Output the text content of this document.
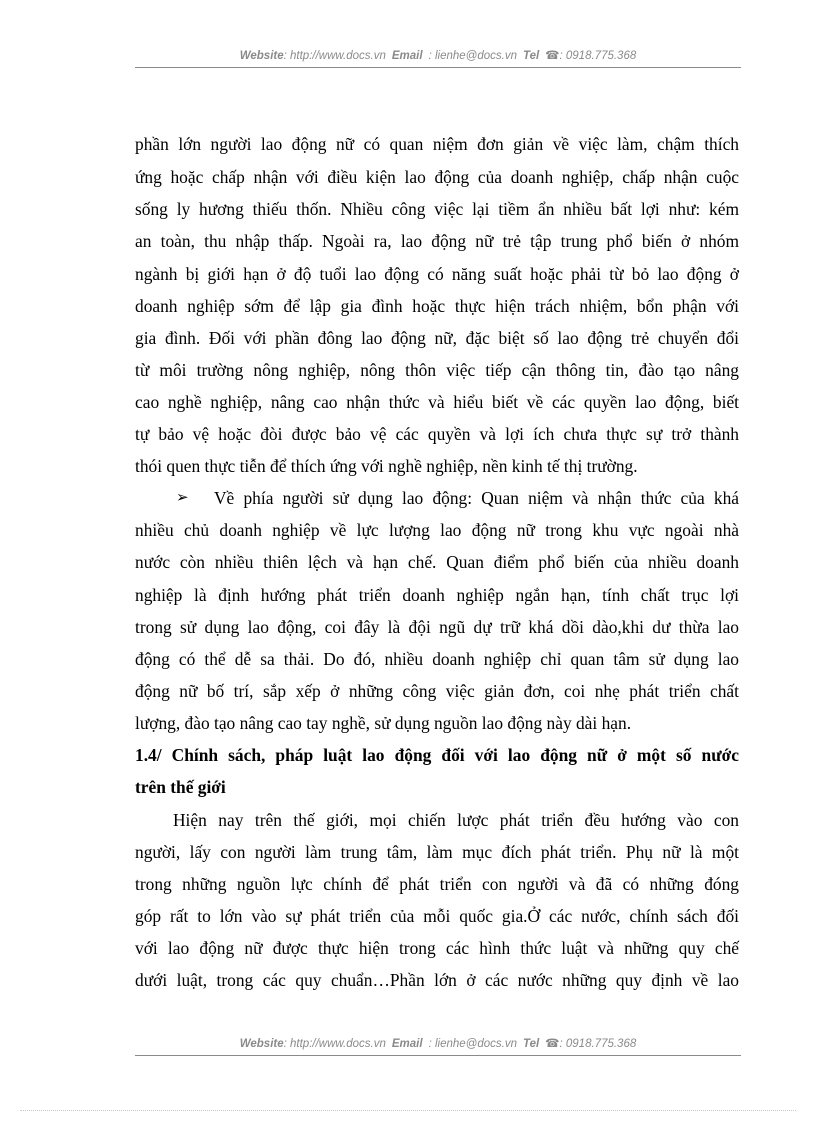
Website: http://www.docs.vn Email : lienhe@docs.vn Tel ☎: 0918.775.368
phần lớn người lao động nữ có quan niệm đơn giản về việc làm, chậm thích
ứng hoặc chấp nhận với điều kiện lao động của doanh nghiệp, chấp nhận cuộc
sống ly hương thiếu thốn. Nhiều công việc lại tiềm ẩn nhiều bất lợi như: kém
an toàn, thu nhập thấp. Ngoài ra, lao động nữ trẻ tập trung phổ biến ở nhóm
ngành bị giới hạn ở độ tuổi lao động có năng suất hoặc phải từ bỏ lao động ở
doanh nghiệp sớm để lập gia đình hoặc thực hiện trách nhiệm, bổn phận với
gia đình. Đối với phần đông lao động nữ, đặc biệt số lao động trẻ chuyển đổi
từ môi trường nông nghiệp, nông thôn việc tiếp cận thông tin, đào tạo nâng
cao nghề nghiệp, nâng cao nhận thức và hiểu biết về các quyền lao động, biết
tự bảo vệ hoặc đòi được bảo vệ các quyền và lợi ích chưa thực sự trở thành
thói quen thực tiễn để thích ứng với nghề nghiệp, nền kinh tế thị trường.
➢ Về phía người sử dụng lao động: Quan niệm và nhận thức của khá
nhiều chủ doanh nghiệp về lực lượng lao động nữ trong khu vực ngoài nhà
nước còn nhiều thiên lệch và hạn chế. Quan điểm phổ biến của nhiều doanh
nghiệp là định hướng phát triển doanh nghiệp ngắn hạn, tính chất trục lợi
trong sử dụng lao động, coi đây là đội ngũ dự trữ khá dồi dào,khi dư thừa lao
động có thể dễ sa thải. Do đó, nhiều doanh nghiệp chỉ quan tâm sử dụng lao
động nữ bố trí, sắp xếp ở những công việc giản đơn, coi nhẹ phát triển chất
lượng, đào tạo nâng cao tay nghề, sử dụng nguồn lao động này dài hạn.
1.4/ Chính sách, pháp luật lao động đối với lao động nữ ở một số nước
trên thế giới
Hiện nay trên thế giới, mọi chiến lược phát triển đều hướng vào con
người, lấy con người làm trung tâm, làm mục đích phát triển. Phụ nữ là một
trong những nguồn lực chính để phát triển con người và đã có những đóng
góp rất to lớn vào sự phát triển của mỗi quốc gia.Ở các nước, chính sách đối
với lao động nữ được thực hiện trong các hình thức luật và những quy chế
dưới luật, trong các quy chuẩn…Phần lớn ở các nước những quy định về lao
Website: http://www.docs.vn Email : lienhe@docs.vn Tel ☎: 0918.775.368
